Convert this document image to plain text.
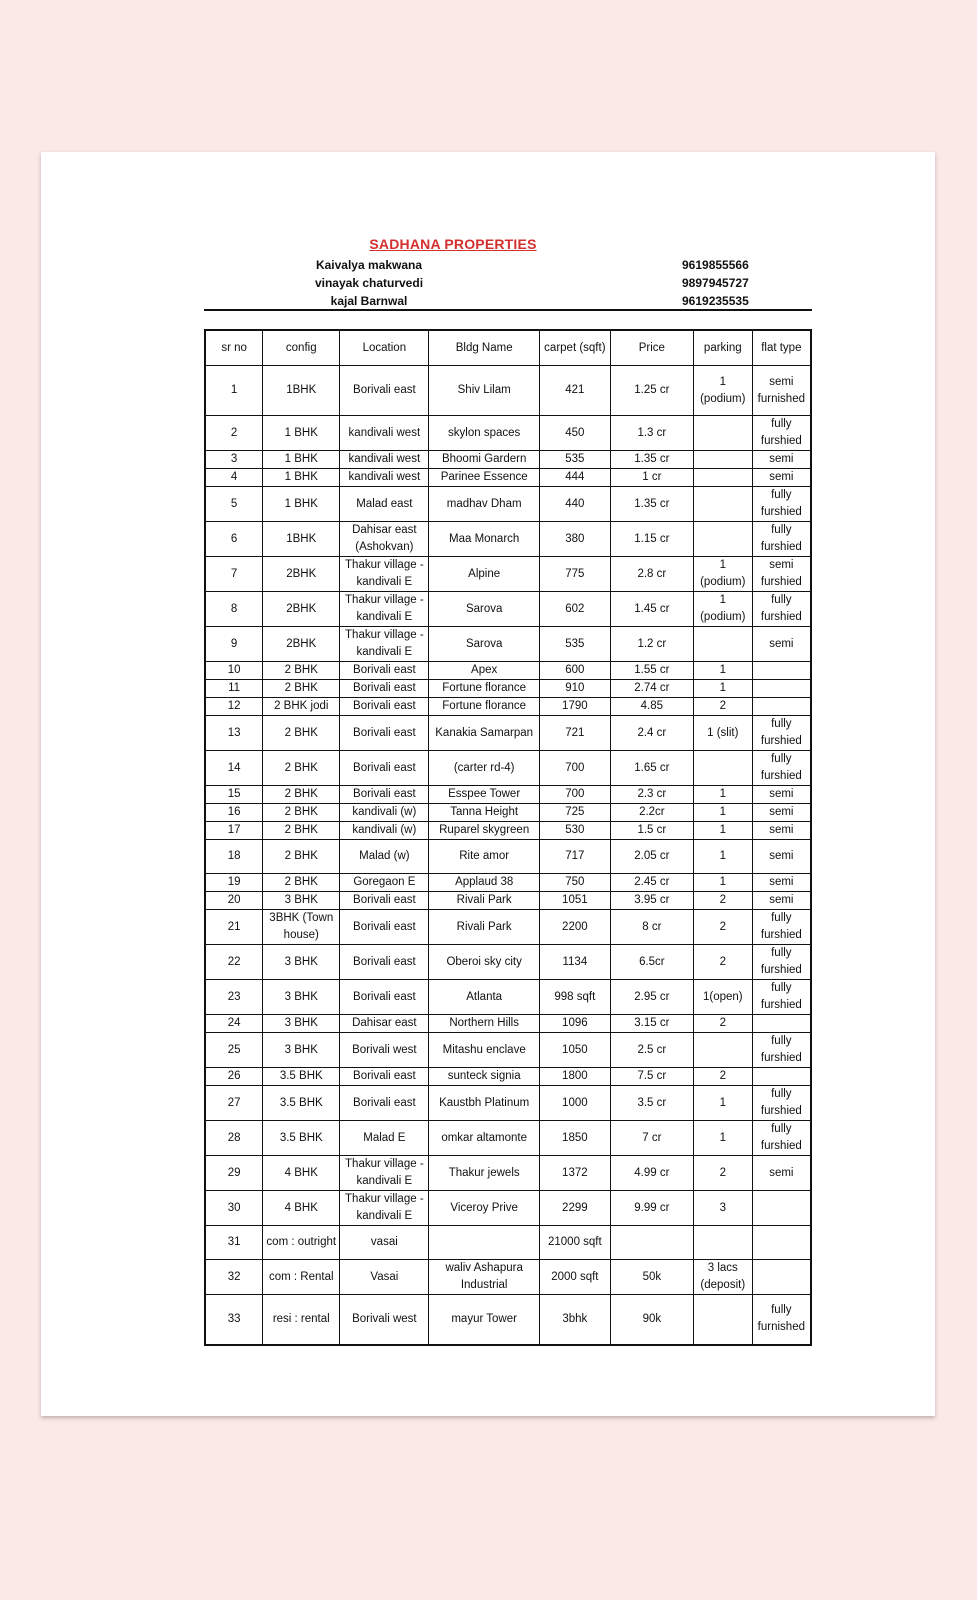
SADHANA PROPERTIES
Kaivalya makwana	9619855566
vinayak chaturvedi	9897945727
kajal Barnwal	9619235535
sr no	config	Location	Bldg Name	carpet (sqft)	Price	parking	flat type
1	1BHK	Borivali east	Shiv Lilam	421	1.25 cr	1 (podium)	semi furnished
2	1 BHK	kandivali west	skylon spaces	450	1.3 cr		fully furshied
3	1 BHK	kandivali west	Bhoomi Gardern	535	1.35 cr		semi
4	1 BHK	kandivali west	Parinee Essence	444	1 cr		semi
5	1 BHK	Malad east	madhav Dham	440	1.35 cr		fully furshied
6	1BHK	Dahisar east (Ashokvan)	Maa Monarch	380	1.15 cr		fully furshied
7	2BHK	Thakur village - kandivali E	Alpine	775	2.8 cr	1 (podium)	semi furshied
8	2BHK	Thakur village - kandivali E	Sarova	602	1.45 cr	1 (podium)	fully furshied
9	2BHK	Thakur village - kandivali E	Sarova	535	1.2 cr		semi
10	2 BHK	Borivali east	Apex	600	1.55 cr	1	
11	2 BHK	Borivali east	Fortune florance	910	2.74 cr	1	
12	2 BHK jodi	Borivali east	Fortune florance	1790	4.85	2	
13	2 BHK	Borivali east	Kanakia Samarpan	721	2.4 cr	1 (slit)	fully furshied
14	2 BHK	Borivali east	(carter rd-4)	700	1.65 cr		fully furshied
15	2 BHK	Borivali east	Esspee Tower	700	2.3 cr	1	semi
16	2 BHK	kandivali (w)	Tanna Height	725	2.2cr	1	semi
17	2 BHK	kandivali (w)	Ruparel skygreen	530	1.5 cr	1	semi
18	2 BHK	Malad (w)	Rite amor	717	2.05 cr	1	semi
19	2 BHK	Goregaon E	Applaud 38	750	2.45 cr	1	semi
20	3 BHK	Borivali east	Rivali Park	1051	3.95 cr	2	semi
21	3BHK (Town house)	Borivali east	Rivali Park	2200	8 cr	2	fully furshied
22	3 BHK	Borivali east	Oberoi sky city	1134	6.5cr	2	fully furshied
23	3 BHK	Borivali east	Atlanta	998 sqft	2.95 cr	1(open)	fully furshied
24	3 BHK	Dahisar east	Northern Hills	1096	3.15 cr	2	
25	3 BHK	Borivali west	Mitashu enclave	1050	2.5 cr		fully furshied
26	3.5 BHK	Borivali east	sunteck signia	1800	7.5 cr	2	
27	3.5 BHK	Borivali east	Kaustbh Platinum	1000	3.5 cr	1	fully furshied
28	3.5 BHK	Malad E	omkar altamonte	1850	7 cr	1	fully furshied
29	4 BHK	Thakur village - kandivali E	Thakur jewels	1372	4.99 cr	2	semi
30	4 BHK	Thakur village - kandivali E	Viceroy Prive	2299	9.99 cr	3	
31	com : outright	vasai		21000 sqft			
32	com : Rental	Vasai	waliv Ashapura Industrial	2000 sqft	50k	3 lacs (deposit)	
33	resi : rental	Borivali west	mayur Tower	3bhk	90k		fully furnished
